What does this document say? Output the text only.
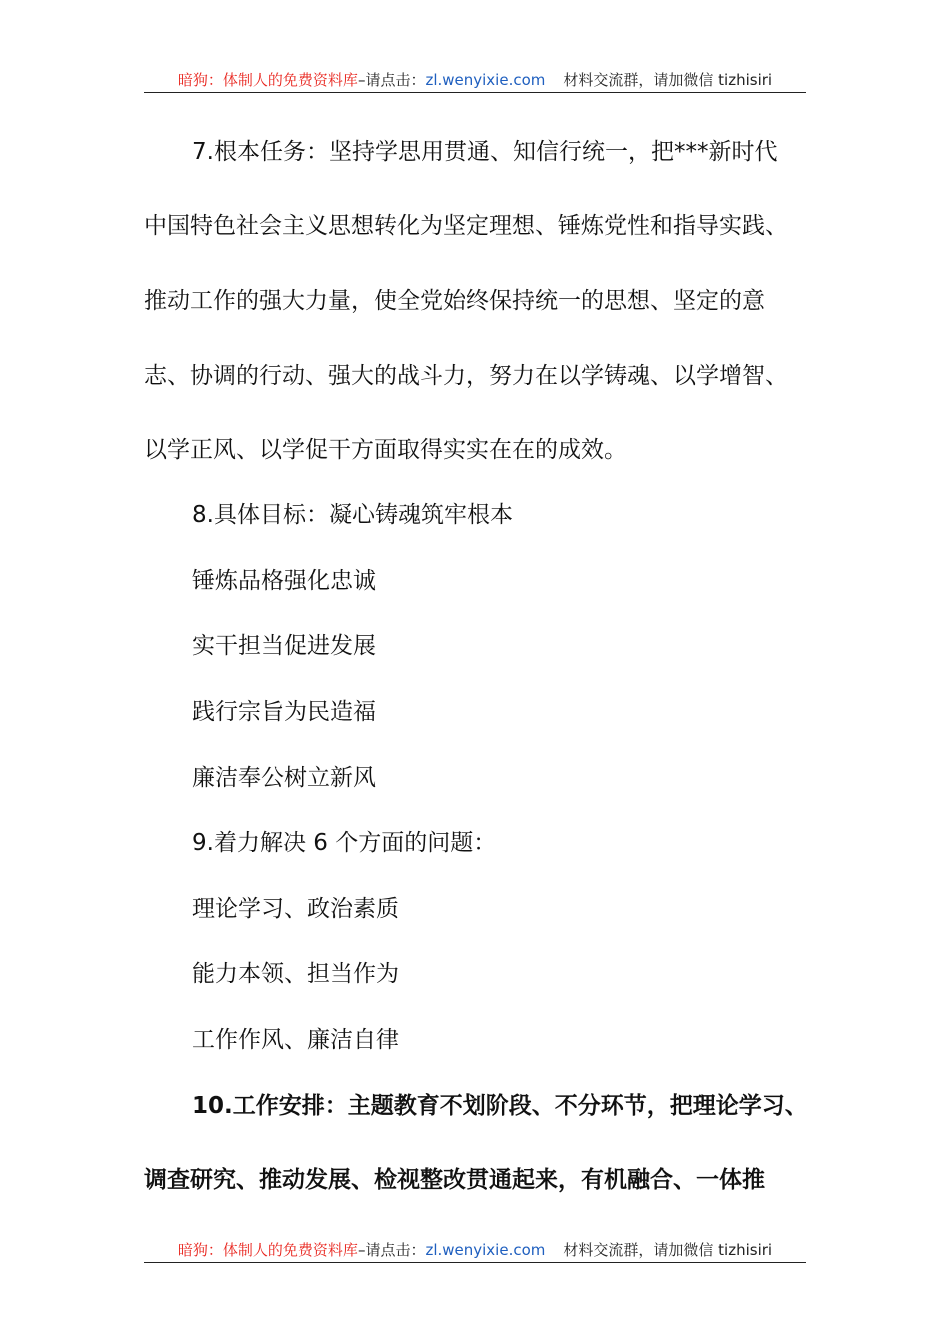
暗狗：体制人的免费资料库–请点击：zl.wenyixie.com 材料交流群，请加微信 tizhisiri
7.根本任务：坚持学思用贯通、知信行统一，把***新时代
中国特色社会主义思想转化为坚定理想、锤炼党性和指导实践、
推动工作的强大力量，使全党始终保持统一的思想、坚定的意
志、协调的行动、强大的战斗力，努力在以学铸魂、以学增智、
以学正风、以学促干方面取得实实在在的成效。
8.具体目标：凝心铸魂筑牢根本
锤炼品格强化忠诚
实干担当促进发展
践行宗旨为民造福
廉洁奉公树立新风
9.着力解决 6 个方面的问题：
理论学习、政治素质
能力本领、担当作为
工作作风、廉洁自律
10.工作安排：主题教育不划阶段、不分环节，把理论学习、
调查研究、推动发展、检视整改贯通起来，有机融合、一体推
暗狗：体制人的免费资料库–请点击：zl.wenyixie.com 材料交流群，请加微信 tizhisiri
